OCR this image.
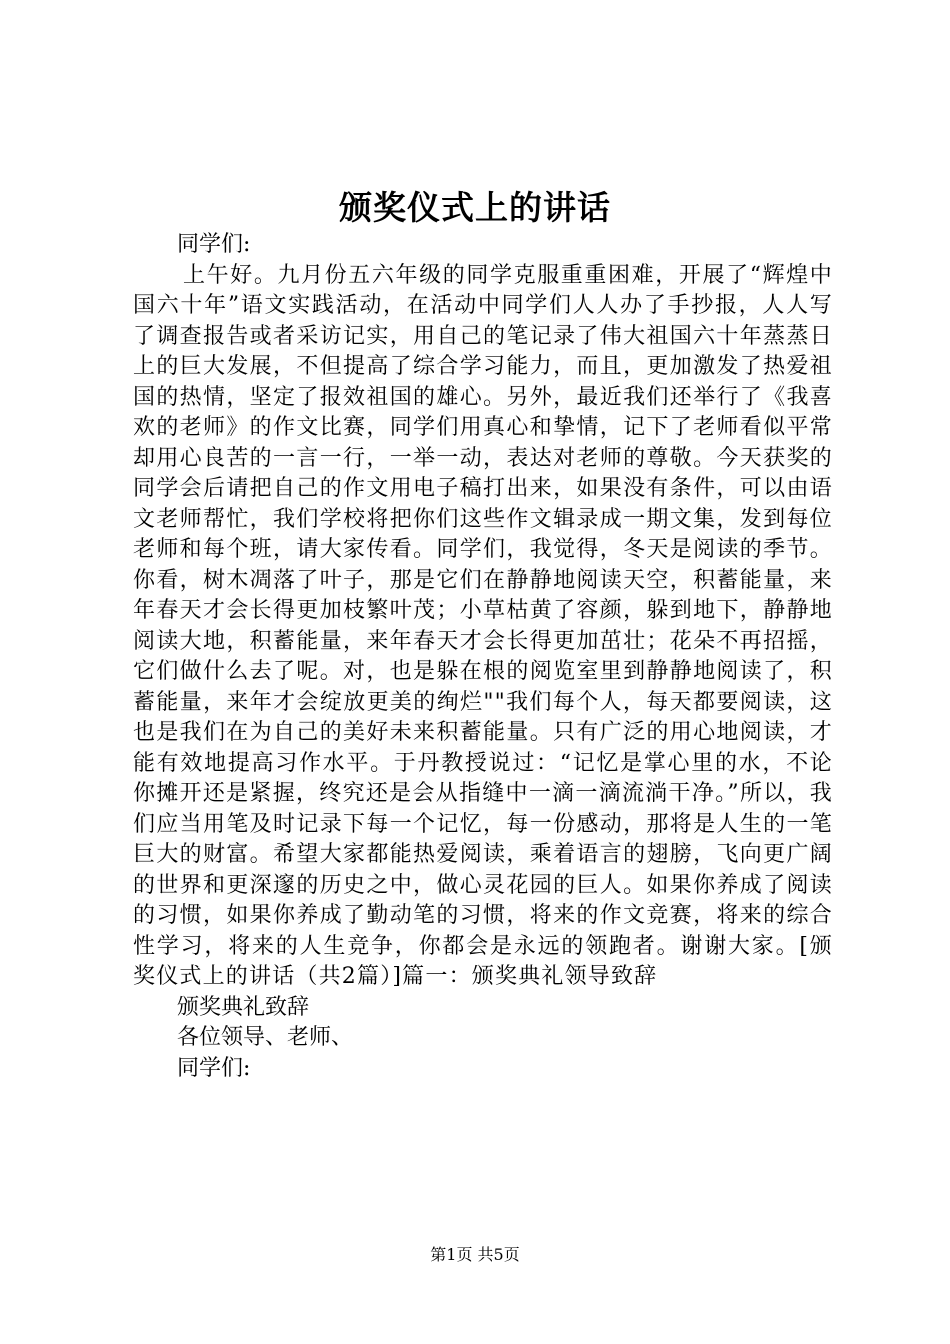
颁奖仪式上的讲话

同学们:

上午好。九月份五六年级的同学克服重重困难，开展了“辉煌中国六十年”语文实践活动，在活动中同学们人人办了手抄报，人人写了调查报告或者采访记实，用自己的笔记录了伟大祖国六十年蒸蒸日上的巨大发展，不但提高了综合学习能力，而且，更加激发了热爱祖国的热情，坚定了报效祖国的雄心。另外，最近我们还举行了《我喜欢的老师》的作文比赛，同学们用真心和挚情，记下了老师看似平常却用心良苦的一言一行，一举一动，表达对老师的尊敬。今天获奖的同学会后请把自己的作文用电子稿打出来，如果没有条件，可以由语文老师帮忙，我们学校将把你们这些作文辑录成一期文集，发到每位老师和每个班，请大家传看。同学们，我觉得，冬天是阅读的季节。你看，树木凋落了叶子，那是它们在静静地阅读天空，积蓄能量，来年春天才会长得更加枝繁叶茂；小草枯黄了容颜，躲到地下，静静地阅读大地，积蓄能量，来年春天才会长得更加茁壮；花朵不再招摇，它们做什么去了呢。对，也是躲在根的阅览室里到静静地阅读了，积蓄能量，来年才会绽放更美的绚烂""我们每个人，每天都要阅读，这也是我们在为自己的美好未来积蓄能量。只有广泛的用心地阅读，才能有效地提高习作水平。于丹教授说过：“记忆是掌心里的水，不论你摊开还是紧握，终究还是会从指缝中一滴一滴流淌干净。”所以，我们应当用笔及时记录下每一个记忆，每一份感动，那将是人生的一笔巨大的财富。希望大家都能热爱阅读，乘着语言的翅膀，飞向更广阔的世界和更深邃的历史之中，做心灵花园的巨人。如果你养成了阅读的习惯，如果你养成了勤动笔的习惯，将来的作文竞赛，将来的综合性学习，将来的人生竞争，你都会是永远的领跑者。谢谢大家。[颁奖仪式上的讲话（共2篇）]篇一：颁奖典礼领导致辞

颁奖典礼致辞

各位领导、老师、

同学们:

第1页 共5页
